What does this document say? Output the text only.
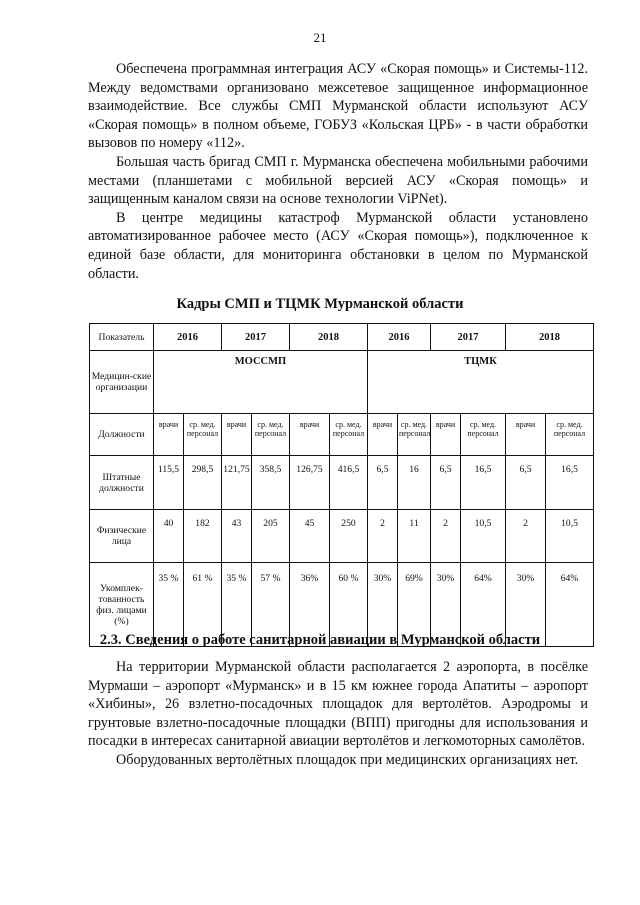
21

Обеспечена программная интеграция АСУ «Скорая помощь» и Системы-112. Между ведомствами организовано межсетевое защищенное информационное взаимодействие. Все службы СМП Мурманской области используют АСУ «Скорая помощь» в полном объеме, ГОБУЗ «Кольская ЦРБ» - в части обработки вызовов по номеру «112».

Большая часть бригад СМП г. Мурманска обеспечена мобильными рабочими местами (планшетами с мобильной версией АСУ «Скорая помощь» и защищенным каналом связи на основе технологии ViPNet).

В центре медицины катастроф Мурманской области установлено автоматизированное рабочее место (АСУ «Скорая помощь»), подключенное к единой базе области, для мониторинга обстановки в целом по Мурманской области.

Кадры СМП и ТЦМК Мурманской области
Показатель	2016		2017		2018		2016		2017		2018	
Медицин-ские организации	МОССМП						ТЦМК					
Должности	врачи	ср. мед. персонал	врачи	ср. мед. персонал	врачи	ср. мед. персонал	врачи	ср. мед. персонал	врачи	ср. мед. персонал	врачи	ср. мед. персонал
Штатные должности	115,5	298,5	121,75	358,5	126,75	416,5	6,5	16	6,5	16,5	6,5	16,5
Физические лица	40	182	43	205	45	250	2	11	2	10,5	2	10,5
Укомплек-тованность физ. лицами (%)	35 %	61 %	35 %	57 %	36%	60 %	30%	69%	30%	64%	30%	64%
2.3. Сведения о работе санитарной авиации в Мурманской области

На территории Мурманской области располагается 2 аэропорта, в посёлке Мурмаши – аэропорт «Мурманск» и в 15 км южнее города Апатиты – аэропорт «Хибины», 26 взлетно-посадочных площадок для вертолётов. Аэродромы и грунтовые взлетно-посадочные площадки (ВПП) пригодны для использования и посадки в интересах санитарной авиации вертолётов и легкомоторных самолётов.

Оборудованных вертолётных площадок при медицинских организациях нет.
